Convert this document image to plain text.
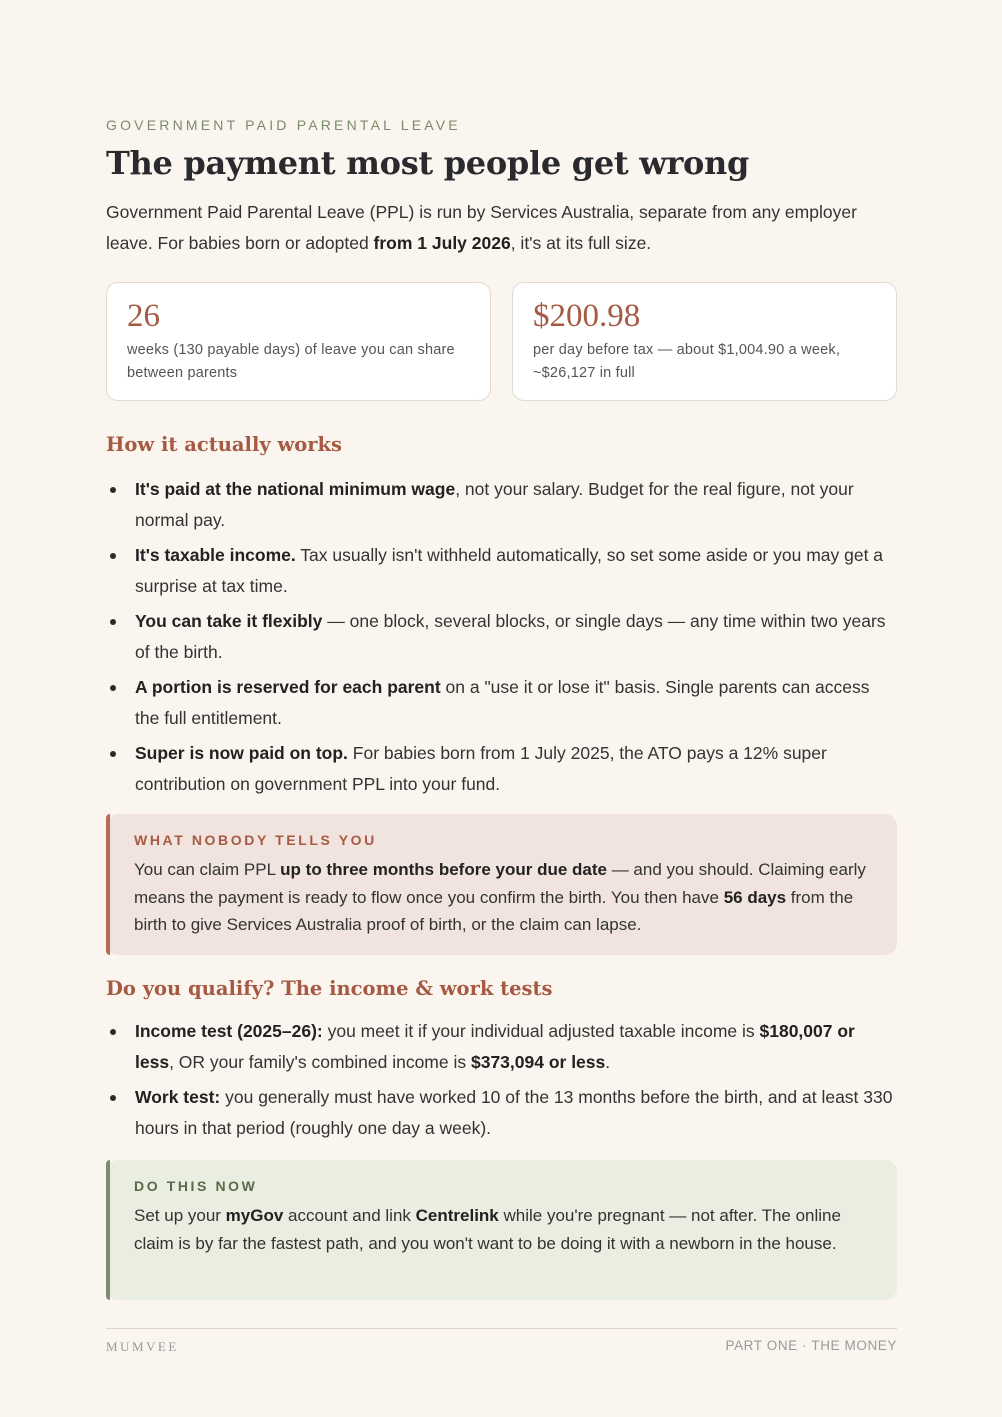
GOVERNMENT PAID PARENTAL LEAVE
The payment most people get wrong

Government Paid Parental Leave (PPL) is run by Services Australia, separate from any employer leave. For babies born or adopted from 1 July 2026, it's at its full size.

26
weeks (130 payable days) of leave you can share between parents
$200.98
per day before tax — about $1,004.90 a week, ~$26,127 in full
How it actually works
It's paid at the national minimum wage, not your salary. Budget for the real figure, not your normal pay.
It's taxable income. Tax usually isn't withheld automatically, so set some aside or you may get a surprise at tax time.
You can take it flexibly — one block, several blocks, or single days — any time within two years of the birth.
A portion is reserved for each parent on a "use it or lose it" basis. Single parents can access the full entitlement.
Super is now paid on top. For babies born from 1 July 2025, the ATO pays a 12% super contribution on government PPL into your fund.
WHAT NOBODY TELLS YOU

You can claim PPL up to three months before your due date — and you should. Claiming early means the payment is ready to flow once you confirm the birth. You then have 56 days from the birth to give Services Australia proof of birth, or the claim can lapse.

Do you qualify? The income & work tests
Income test (2025–26): you meet it if your individual adjusted taxable income is $180,007 or less, OR your family's combined income is $373,094 or less.
Work test: you generally must have worked 10 of the 13 months before the birth, and at least 330 hours in that period (roughly one day a week).
DO THIS NOW

Set up your myGov account and link Centrelink while you're pregnant — not after. The online claim is by far the fastest path, and you won't want to be doing it with a newborn in the house.

MUMVEE	PART ONE · THE MONEY
